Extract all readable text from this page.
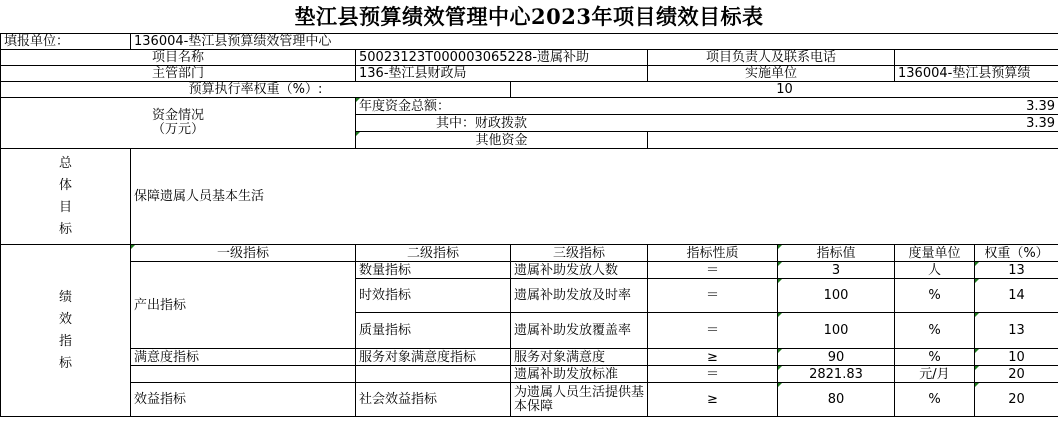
垫江县预算绩效管理中心2023年项目绩效目标表
填报单位：	136004-垫江县预算绩效管理中心						
项目名称		50023123T000003065228-遗属补助		项目负责人及联系电话			
主管部门		136-垫江县财政局		实施单位		136004-垫江县预算绩	
预算执行率权重（%）:			10				
资金情况
（万元）		年度资金总额： 3.39					

		其中：财政拨款 3.39					

		其他资金					
总
体
目
标	保障遗属人员基本生活						
绩
效
指
标	一级指标	二级指标	三级指标	指标性质	指标值	度量单位	权重（%）
	产出指标	数量指标	遗属补助发放人数	＝	3	人	13
		时效指标	遗属补助发放及时率	＝	100	%	14
		质量指标	遗属补助发放覆盖率	＝	100	%	13
	满意度指标	服务对象满意度指标	服务对象满意度	≥	90	%	10
			遗属补助发放标准	＝	2821.83	元/月	20
	效益指标	社会效益指标	为遗属人员生活提供基本保障	≥	80	%	20
